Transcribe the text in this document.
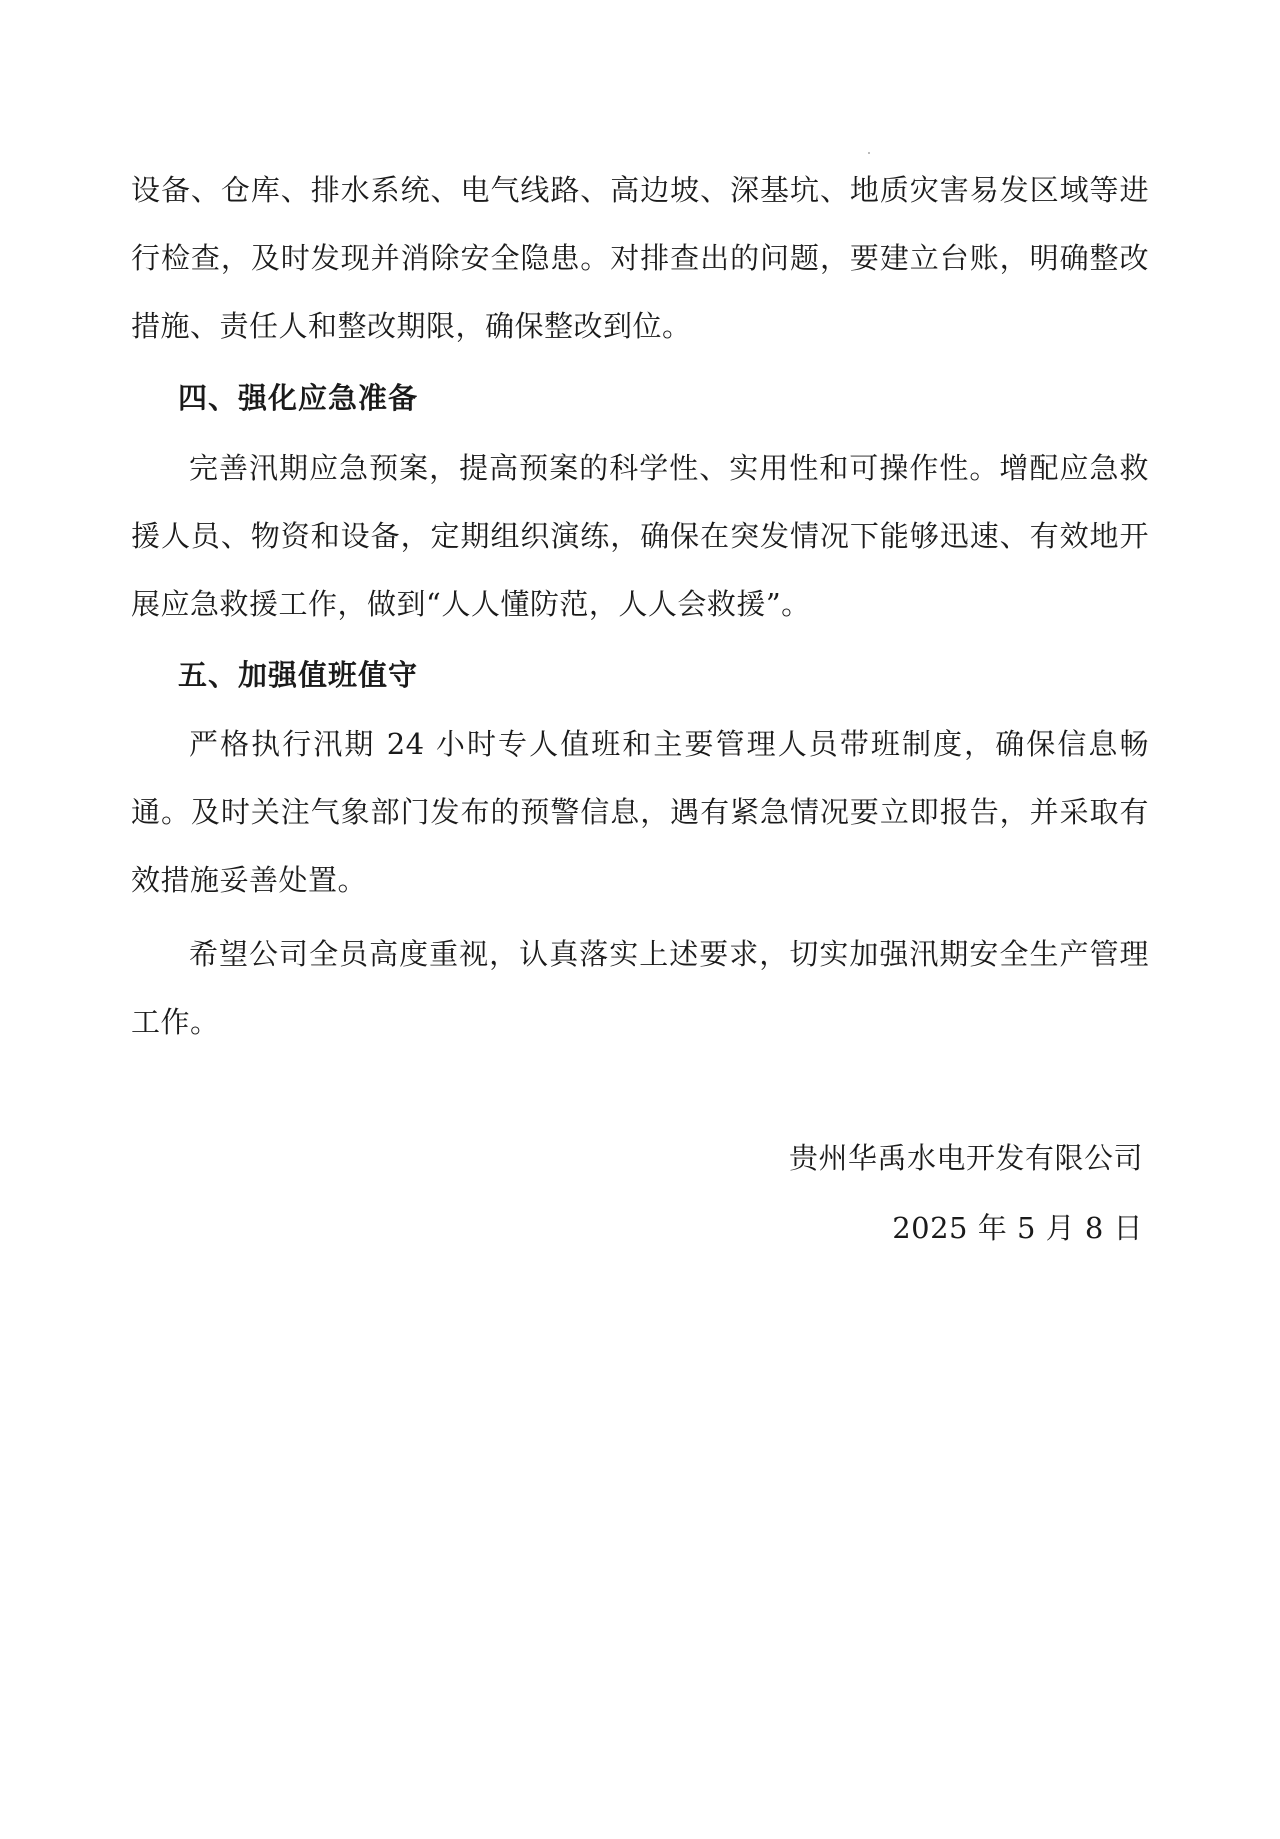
设备、仓库、排水系统、电气线路、高边坡、深基坑、地质灾害易发区域等进行检查，及时发现并消除安全隐患。对排查出的问题，要建立台账，明确整改措施、责任人和整改期限，确保整改到位。

四、强化应急准备

完善汛期应急预案，提高预案的科学性、实用性和可操作性。增配应急救援人员、物资和设备，定期组织演练，确保在突发情况下能够迅速、有效地开展应急救援工作，做到“人人懂防范，人人会救援”。

五、加强值班值守

严格执行汛期 24 小时专人值班和主要管理人员带班制度，确保信息畅通。及时关注气象部门发布的预警信息，遇有紧急情况要立即报告，并采取有效措施妥善处置。

希望公司全员高度重视，认真落实上述要求，切实加强汛期安全生产管理工作。

贵州华禹水电开发有限公司

2025 年 5 月 8 日
